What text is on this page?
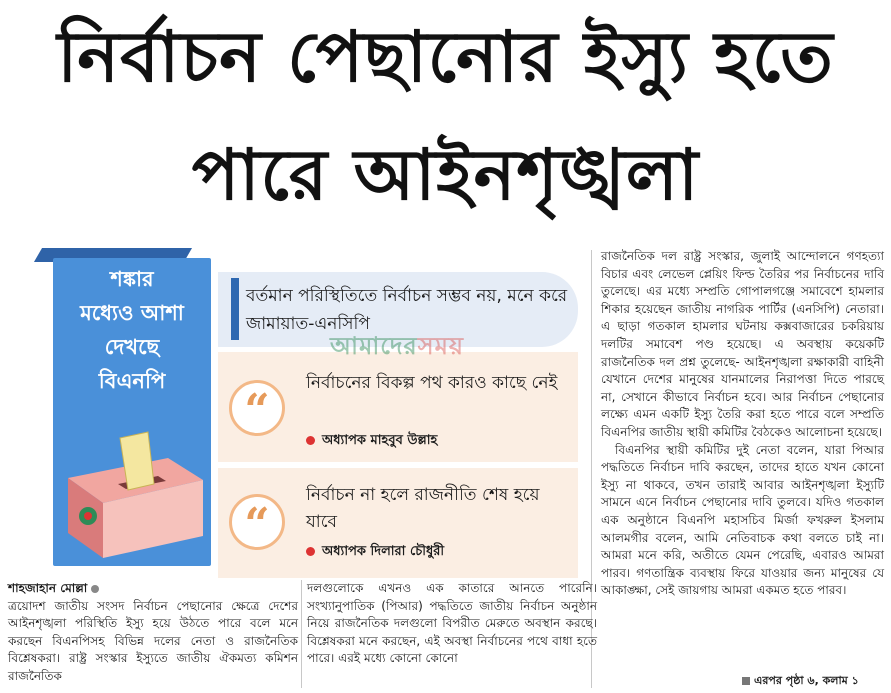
নির্বাচন পেছানোর ইস্যু হতে
পারে আইনশৃঙ্খলা
শঙ্কার
মধ্যেও আশা
দেখছে
বিএনপি
বর্তমান পরিস্থিতিতে নির্বাচন সম্ভব নয়, মনে করে জামায়াত-এনসিপি
“
নির্বাচনের বিকল্প পথ কারও কাছে নেই
অধ্যাপক মাহবুব উল্লাহ
“
নির্বাচন না হলে রাজনীতি শেষ হয়ে যাবে
অধ্যাপক দিলারা চৌধুরী
আমাদেরসময়

রাজনৈতিক দল রাষ্ট্র সংস্কার, জুলাই আন্দোলনে গণহত্যা বিচার এবং লেভেল প্লেয়িং ফিল্ড তৈরির পর নির্বাচনের দাবি তুলেছে। এর মধ্যে সম্প্রতি গোপালগঞ্জে সমাবেশে হামলার শিকার হয়েছেন জাতীয় নাগরিক পার্টির (এনসিপি) নেতারা। এ ছাড়া গতকাল হামলার ঘটনায় কক্সবাজারের চকরিয়ায় দলটির সমাবেশ পণ্ড হয়েছে। এ অবস্থায় কয়েকটি রাজনৈতিক দল প্রশ্ন তুলেছে- আইনশৃঙ্খলা রক্ষাকারী বাহিনী যেখানে দেশের মানুষের যানমালের নিরাপত্তা দিতে পারছে না, সেখানে কীভাবে নির্বাচন হবে। আর নির্বাচন পেছানোর লক্ষ্যে এমন একটি ইস্যু তৈরি করা হতে পারে বলে সম্প্রতি বিএনপির জাতীয় স্থায়ী কমিটির বৈঠকেও আলোচনা হয়েছে।

বিএনপির স্থায়ী কমিটির দুই নেতা বলেন, যারা পিআর পদ্ধতিতে নির্বাচন দাবি করছেন, তাদের হাতে যখন কোনো ইস্যু না থাকবে, তখন তারাই আবার আইনশৃঙ্খলা ইস্যুটি সামনে এনে নির্বাচন পেছানোর দাবি তুলবে। যদিও গতকাল এক অনুষ্ঠানে বিএনপি মহাসচিব মির্জা ফখরুল ইসলাম আলমগীর বলেন, আমি নেতিবাচক কথা বলতে চাই না। আমরা মনে করি, অতীতে যেমন পেরেছি, এবারও আমরা পারব। গণতান্ত্রিক ব্যবস্থায় ফিরে যাওয়ার জন্য মানুষের যে আকাঙ্ক্ষা, সেই জায়গায় আমরা একমত হতে পারব।

শাহজাহান মোল্লা

ত্রয়োদশ জাতীয় সংসদ নির্বাচন পেছানোর ক্ষেত্রে দেশের আইনশৃঙ্খলা পরিস্থিতি ইস্যু হয়ে উঠতে পারে বলে মনে করছেন বিএনপিসহ বিভিন্ন দলের নেতা ও রাজনৈতিক বিশ্লেষকরা। রাষ্ট্র সংস্কার ইস্যুতে জাতীয় ঐকমত্য কমিশন রাজনৈতিক

দলগুলোকে এখনও এক কাতারে আনতে পারেনি। সংখ্যানুপাতিক (পিআর) পদ্ধতিতে জাতীয় নির্বাচন অনুষ্ঠান নিয়ে রাজনৈতিক দলগুলো বিপরীত মেরুতে অবস্থান করছে। বিশ্লেষকরা মনে করছেন, এই অবস্থা নির্বাচনের পথে বাধা হতে পারে। এরই মধ্যে কোনো কোনো

এরপর পৃষ্ঠা ৬, কলাম ১
